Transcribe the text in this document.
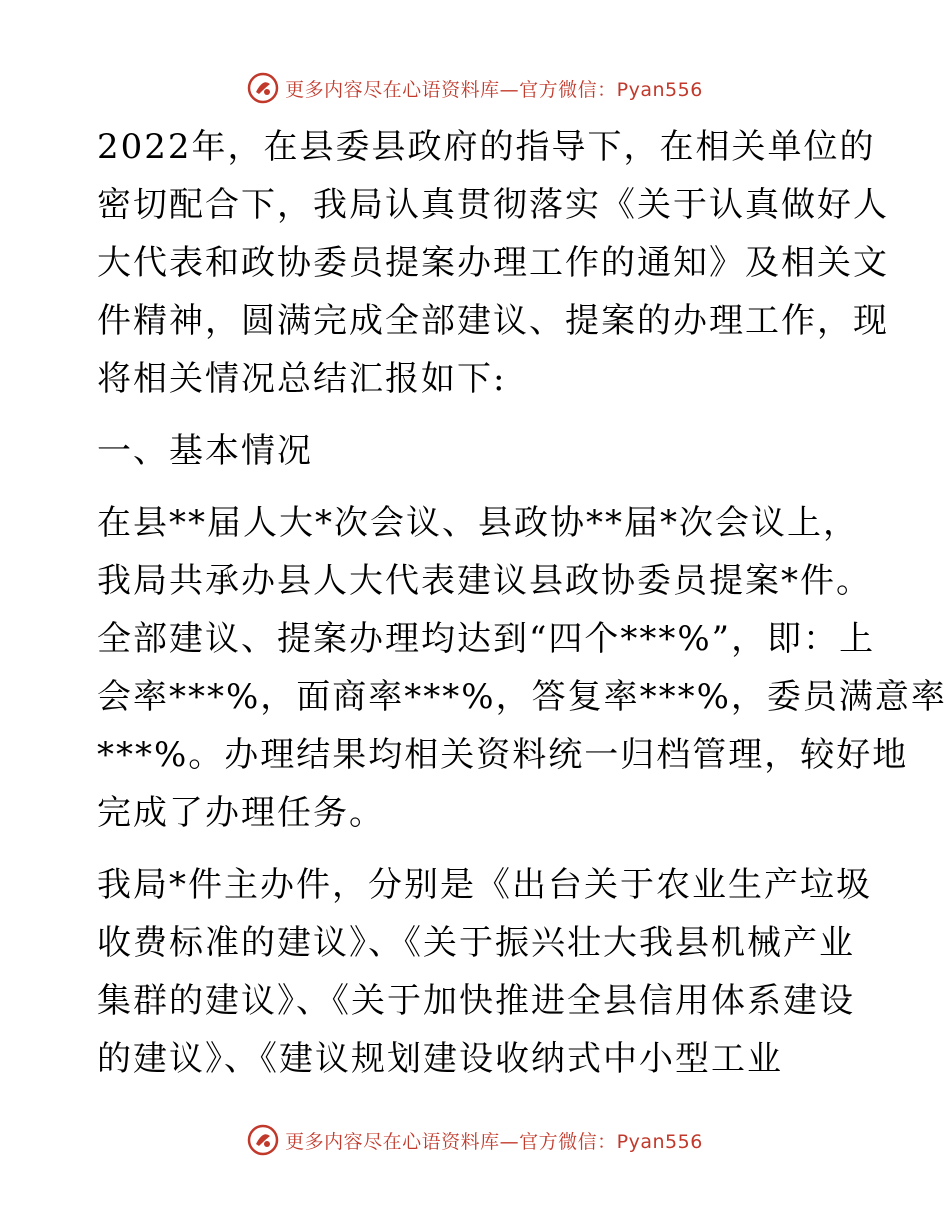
更多内容尽在心语资料库—官方微信：Pyan556
2022年，在县委县政府的指导下，在相关单位的
密切配合下，我局认真贯彻落实《关于认真做好人
大代表和政协委员提案办理工作的通知》及相关文
件精神，圆满完成全部建议、提案的办理工作，现
将相关情况总结汇报如下:
一、基本情况
在县**届人大*次会议、县政协**届*次会议上，
我局共承办县人大代表建议县政协委员提案*件。
全部建议、提案办理均达到“四个***%”，即：上
会率***%，面商率***%，答复率***%，委员满意率
***%。办理结果均相关资料统一归档管理，较好地
完成了办理任务。
我局*件主办件，分别是《出台关于农业生产垃圾
收费标准的建议》、《关于振兴壮大我县机械产业
集群的建议》、《关于加快推进全县信用体系建设
的建议》、《建议规划建设收纳式中小型工业
更多内容尽在心语资料库—官方微信：Pyan556
